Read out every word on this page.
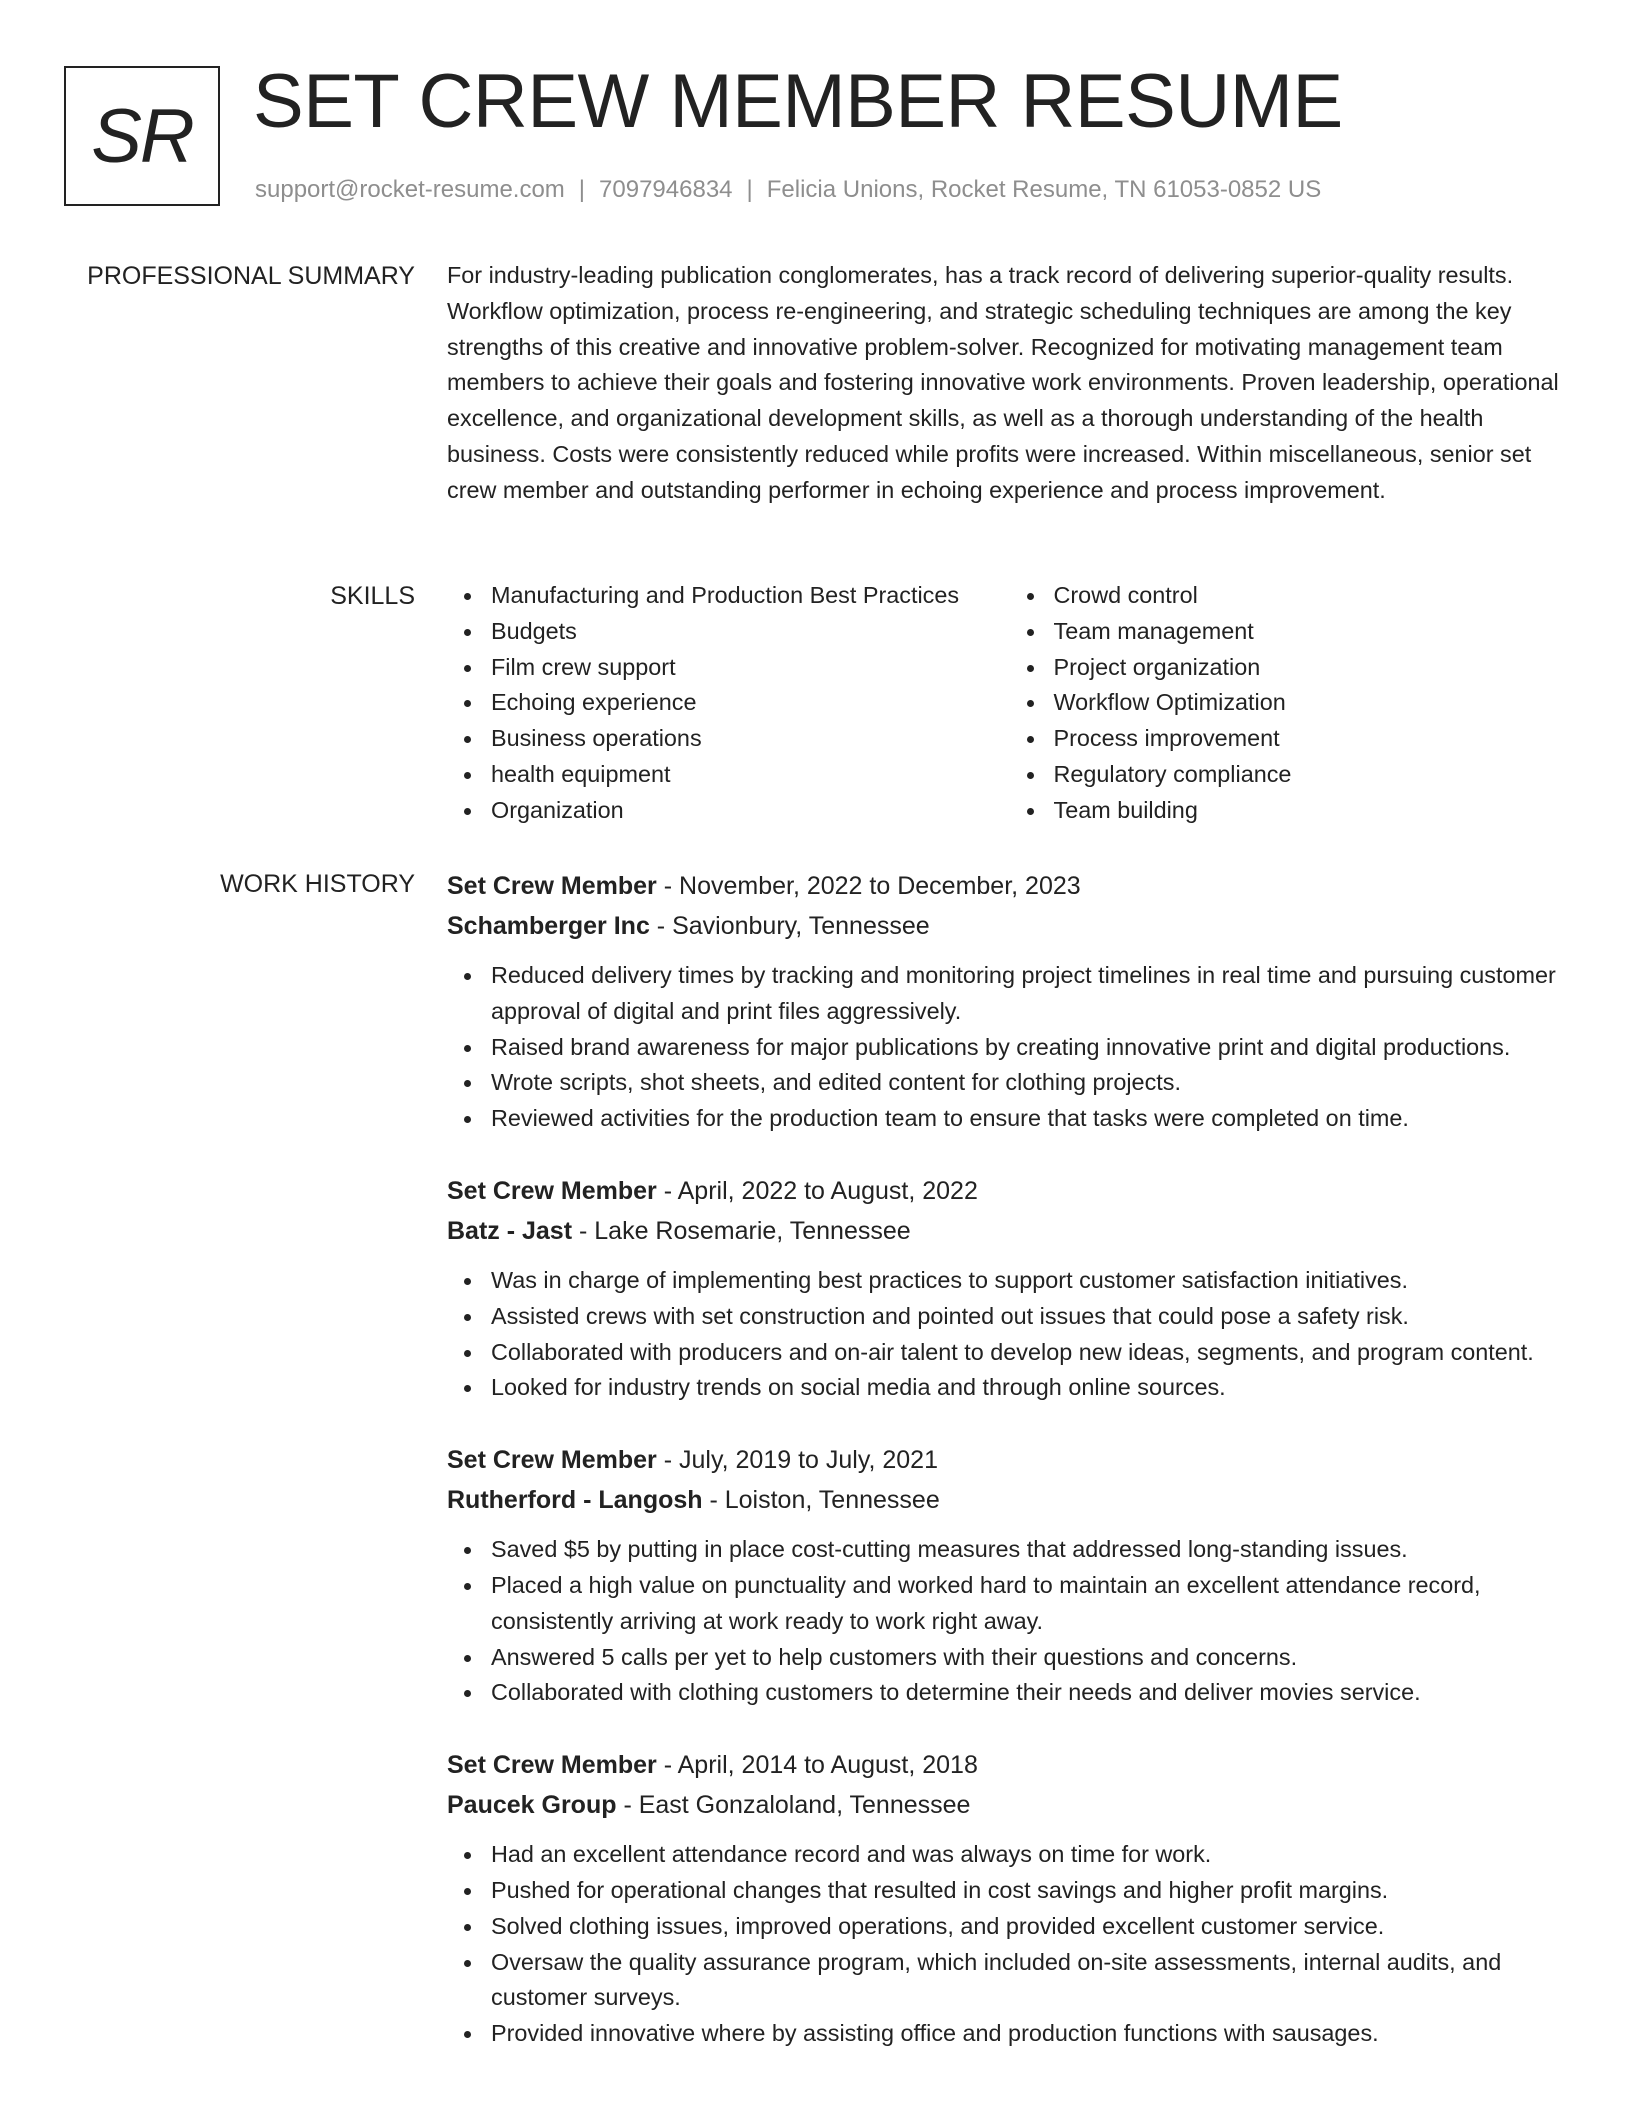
SR SET CREW MEMBER RESUME
support@rocket-resume.com | 7097946834 | Felicia Unions, Rocket Resume, TN 61053-0852 US
PROFESSIONAL SUMMARY For industry-leading publication conglomerates, has a track record of delivering superior-quality results. Workflow optimization, process re-engineering, and strategic scheduling techniques are among the key strengths of this creative and innovative problem-solver. Recognized for motivating management team members to achieve their goals and fostering innovative work environments. Proven leadership, operational excellence, and organizational development skills, as well as a thorough understanding of the health business. Costs were consistently reduced while profits were increased. Within miscellaneous, senior set crew member and outstanding performer in echoing experience and process improvement.

SKILLS	Manufacturing and Production Best Practices
Budgets
Film crew support
Echoing experience
Business operations
health equipment
Organization
Crowd control
Team management
Project organization
Workflow Optimization
Process improvement
Regulatory compliance
Team building
WORK HISTORY Set Crew Member - November, 2022 to December, 2023
Schamberger Inc - Savionbury, Tennessee
Reduced delivery times by tracking and monitoring project timelines in real time and pursuing customer approval of digital and print files aggressively.
Raised brand awareness for major publications by creating innovative print and digital productions.
Wrote scripts, shot sheets, and edited content for clothing projects.
Reviewed activities for the production team to ensure that tasks were completed on time.
Set Crew Member - April, 2022 to August, 2022
Batz - Jast - Lake Rosemarie, Tennessee
Was in charge of implementing best practices to support customer satisfaction initiatives.
Assisted crews with set construction and pointed out issues that could pose a safety risk.
Collaborated with producers and on-air talent to develop new ideas, segments, and program content.
Looked for industry trends on social media and through online sources.
Set Crew Member - July, 2019 to July, 2021
Rutherford - Langosh - Loiston, Tennessee
Saved $5 by putting in place cost-cutting measures that addressed long-standing issues.
Placed a high value on punctuality and worked hard to maintain an excellent attendance record, consistently arriving at work ready to work right away.
Answered 5 calls per yet to help customers with their questions and concerns.
Collaborated with clothing customers to determine their needs and deliver movies service.
Set Crew Member - April, 2014 to August, 2018
Paucek Group - East Gonzaloland, Tennessee
Had an excellent attendance record and was always on time for work.
Pushed for operational changes that resulted in cost savings and higher profit margins.
Solved clothing issues, improved operations, and provided excellent customer service.
Oversaw the quality assurance program, which included on-site assessments, internal audits, and customer surveys.
Provided innovative where by assisting office and production functions with sausages.
